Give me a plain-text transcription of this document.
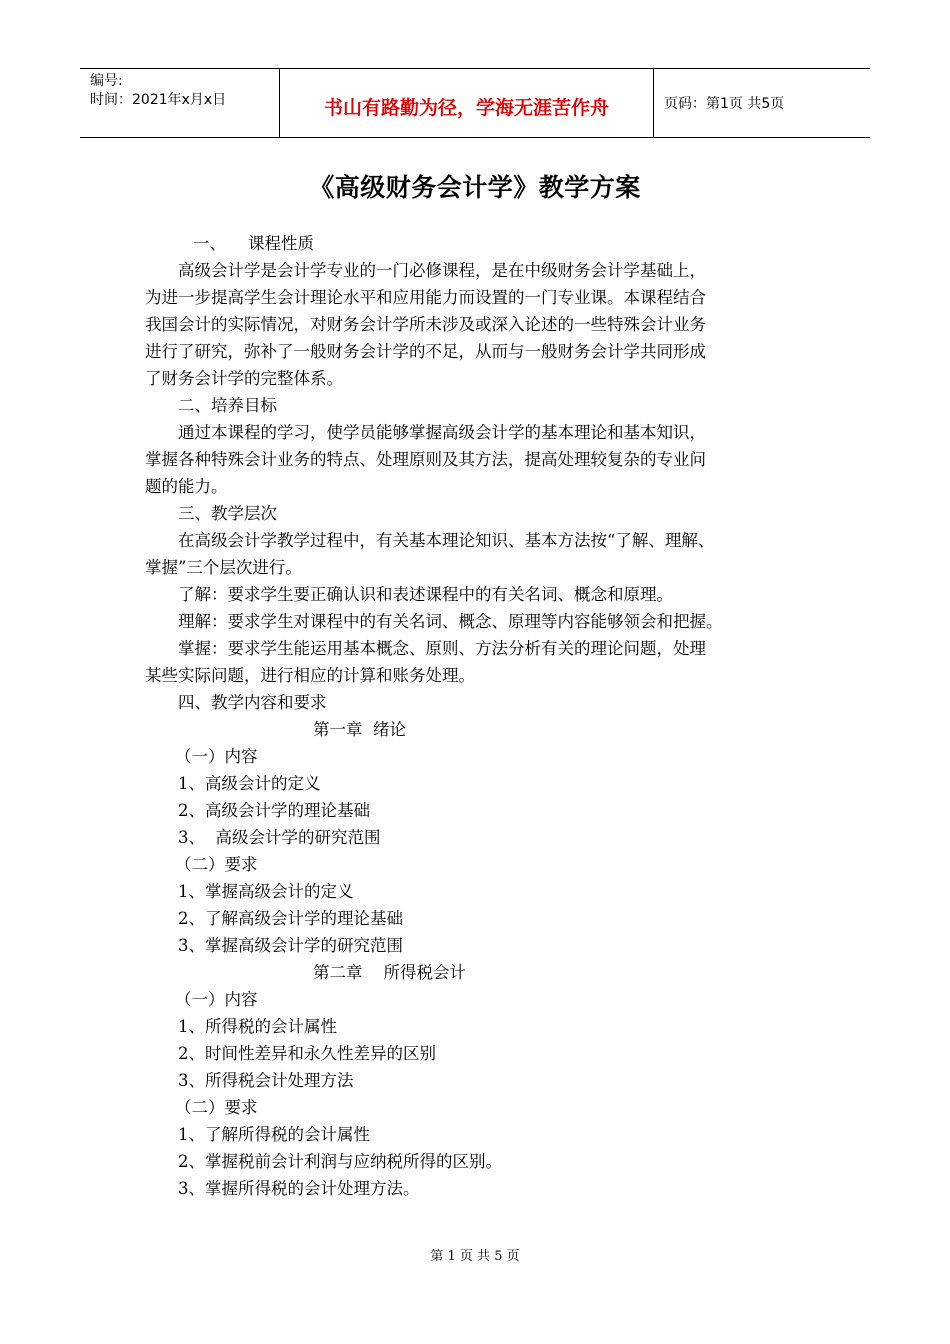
编号:
时间：2021年x月x日	书山有路勤为径，学海无涯苦作舟	页码：第1页 共5页
《高级财务会计学》教学方案
一、 课程性质
高级会计学是会计学专业的一门必修课程，是在中级财务会计学基础上，
为进一步提高学生会计理论水平和应用能力而设置的一门专业课。本课程结合
我国会计的实际情况，对财务会计学所未涉及或深入论述的一些特殊会计业务
进行了研究，弥补了一般财务会计学的不足，从而与一般财务会计学共同形成
了财务会计学的完整体系。
二、培养目标
通过本课程的学习，使学员能够掌握高级会计学的基本理论和基本知识，
掌握各种特殊会计业务的特点、处理原则及其方法，提高处理较复杂的专业问
题的能力。
三、教学层次
在高级会计学教学过程中，有关基本理论知识、基本方法按“了解、理解、
掌握”三个层次进行。
了解：要求学生要正确认识和表述课程中的有关名词、概念和原理。
理解：要求学生对课程中的有关名词、概念、原理等内容能够领会和把握。
掌握：要求学生能运用基本概念、原则、方法分析有关的理论问题，处理
某些实际问题，进行相应的计算和账务处理。
四、教学内容和要求
第一章  绪论
（一）内容
1、高级会计的定义
2、高级会计学的理论基础
3、  高级会计学的研究范围
（二）要求
1、掌握高级会计的定义
2、了解高级会计学的理论基础
3、掌握高级会计学的研究范围
第二章    所得税会计
（一）内容
1、所得税的会计属性
2、时间性差异和永久性差异的区别
3、所得税会计处理方法
（二）要求
1、了解所得税的会计属性
2、掌握税前会计利润与应纳税所得的区别。
3、掌握所得税的会计处理方法。
第 1 页 共 5 页
